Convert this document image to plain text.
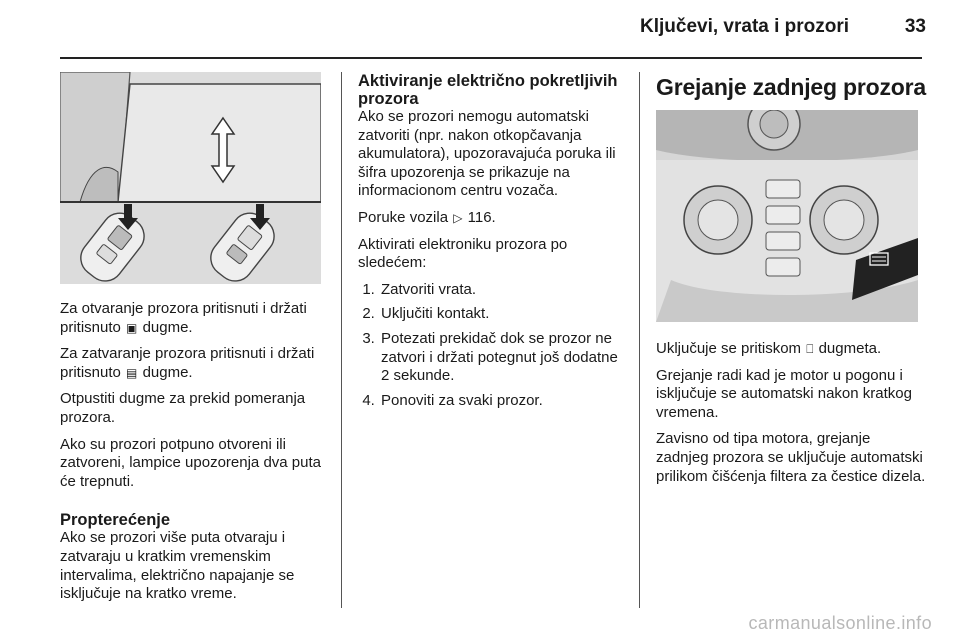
Ključevi, vrata i prozori	33

Za otvaranje prozora pritisnuti i držati pritisnuto ▣ dugme.

Za zatvaranje prozora pritisnuti i držati pritisnuto ▤ dugme.

Otpustiti dugme za prekid pomeranja prozora.

Ako su prozori potpuno otvoreni ili zatvoreni, lampice upozorenja dva puta će trepnuti.

Propterećenje

Ako se prozori više puta otvaraju i zatvaraju u kratkim vremenskim intervalima, električno napajanje se isključuje na kratko vreme.

Aktiviranje električno pokretljivih prozora

Ako se prozori nemogu automatski zatvoriti (npr. nakon otkopčavanja akumulatora), upozoravajuća poruka ili šifra upozorenja se prikazuje na informacionom centru vozača.

Poruke vozila ▷ 116.

Aktivirati elektroniku prozora po sledećem:

1. Zatvoriti vrata.
2. Uključiti kontakt.
3. Potezati prekidač dok se prozor ne zatvori i držati potegnut još dodatne 2 sekunde.
4. Ponoviti za svaki prozor.
Grejanje zadnjeg prozora

Uključuje se pritiskom ⎕ dugmeta.

Grejanje radi kad je motor u pogonu i isključuje se automatski nakon kratkog vremena.

Zavisno od tipa motora, grejanje zadnjeg prozora se uključuje automatski prilikom čišćenja filtera za čestice dizela.

carmanualsonline.info
